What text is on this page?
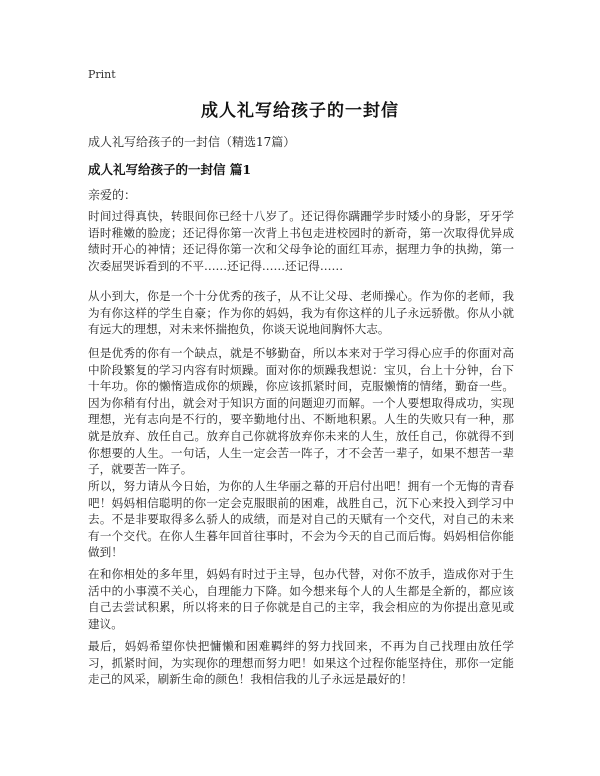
Print
成人礼写给孩子的一封信
成人礼写给孩子的一封信（精选17篇）
成人礼写给孩子的一封信 篇1
亲爱的：
时间过得真快，转眼间你已经十八岁了。还记得你蹒跚学步时矮小的身影，牙牙学语时稚嫩的脸庞；还记得你第一次背上书包走进校园时的新奇，第一次取得优异成绩时开心的神情；还记得你第一次和父母争论的面红耳赤，据理力争的执拗，第一次委屈哭诉看到的不平……还记得……还记得……
从小到大，你是一个十分优秀的孩子，从不让父母、老师操心。作为你的老师，我为有你这样的学生自豪；作为你的妈妈，我为有你这样的儿子永远骄傲。你从小就有远大的理想，对未来怀揣抱负，你谈天说地间胸怀大志。
但是优秀的你有一个缺点，就是不够勤奋，所以本来对于学习得心应手的你面对高中阶段繁复的学习内容有时烦躁。面对你的烦躁我想说：宝贝，台上十分钟，台下十年功。你的懒惰造成你的烦躁，你应该抓紧时间，克服懒惰的情绪，勤奋一些。因为你稍有付出，就会对于知识方面的问题迎刃而解。一个人要想取得成功，实现理想，光有志向是不行的，要辛勤地付出、不断地积累。人生的失败只有一种，那就是放弃、放任自己。放弃自己你就将放弃你未来的人生，放任自己，你就得不到你想要的人生。一句话，人生一定会苦一阵子，才不会苦一辈子，如果不想苦一辈子，就要苦一阵子。
所以，努力请从今日始，为你的人生华丽之幕的开启付出吧！拥有一个无悔的青春吧！妈妈相信聪明的你一定会克服眼前的困难，战胜自己，沉下心来投入到学习中去。不是非要取得多么骄人的成绩，而是对自己的天赋有一个交代，对自己的未来有一个交代。在你人生暮年回首往事时，不会为今天的自己而后悔。妈妈相信你能做到！
在和你相处的多年里，妈妈有时过于主导，包办代替，对你不放手，造成你对于生活中的小事漠不关心，自理能力下降。如今想来每个人的人生都是全新的，都应该自己去尝试积累，所以将来的日子你就是自己的主宰，我会相应的为你提出意见或建议。
最后，妈妈希望你快把慵懒和困难羁绊的努力找回来，不再为自己找理由放任学习，抓紧时间，为实现你的理想而努力吧！如果这个过程你能坚持住，那你一定能走己的风采，刷新生命的颜色！我相信我的儿子永远是最好的！
